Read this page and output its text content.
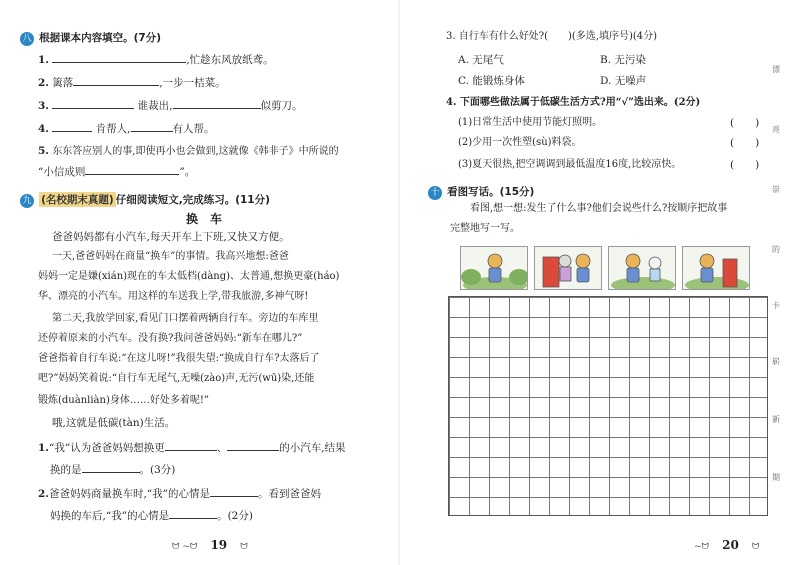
八 根据课本内容填空。(7分)
1.	,忙趁东风放纸鸢。
2. 篱落	,一步一桔菜。
3.	谁裁出,	似剪刀。
4.	肯帮人,	有人帮。
5. 东东答应别人的事,即使再小也会做到,这就像《韩非子》中所说的
“小信成则	”。
九 (名校期末真题) 仔细阅读短文,完成练习。(11分)
换　车
爸爸妈妈都有小汽车,每天开车上下班,又快又方便。
一天,爸爸妈妈在商量“换车”的事情。我高兴地想:爸爸
妈妈一定是嫌(xián)现在的车太低档(dàng)、太普通,想换更豪(háo)
华、漂亮的小汽车。用这样的车送我上学,带我旅游,多神气呀!
第二天,我放学回家,看见门口摆着两辆自行车。旁边的车库里
还停着原来的小汽车。没有换?我问爸爸妈妈:“新车在哪儿?”
爸爸指着自行车说:“在这儿呀!”我很失望:“换成自行车?太落后了
吧?”妈妈笑着说:“自行车无尾气,无噪(zào)声,无污(wū)染,还能
锻炼(duànliàn)身体……好处多着呢!”
哦,这就是低碳(tàn)生活。
1.“我”认为爸爸妈妈想换更	、	的小汽车,结果
换的是	。(3分)
2.爸爸妈妈商量换车时,“我”的心情是	。看到爸爸妈
妈换的车后,“我”的心情是	。(2分)
ᗢ ~ᗢ 19 ᗢ
3. 自行车有什么好处?(　　)(多选,填序号)(4分)
A. 无尾气	B. 无污染
C. 能锻炼身体	D. 无噪声
4. 下面哪些做法属于低碳生活方式?用“√”选出来。(2分)
(1)日常生活中使用节能灯照明。	(　　)
(2)少用一次性塑(sù)料袋。	(　　)
(3)夏天很热,把空调调到最低温度16度,比较凉快。	(　　)
十 看图写话。(15分)
看图,想一想:发生了什么事?他们会说些什么?按顺序把故事
完整地写一写。
~ᗢ 20 ᗢ
漂
亮
崇
的
卡
崭
新
期
